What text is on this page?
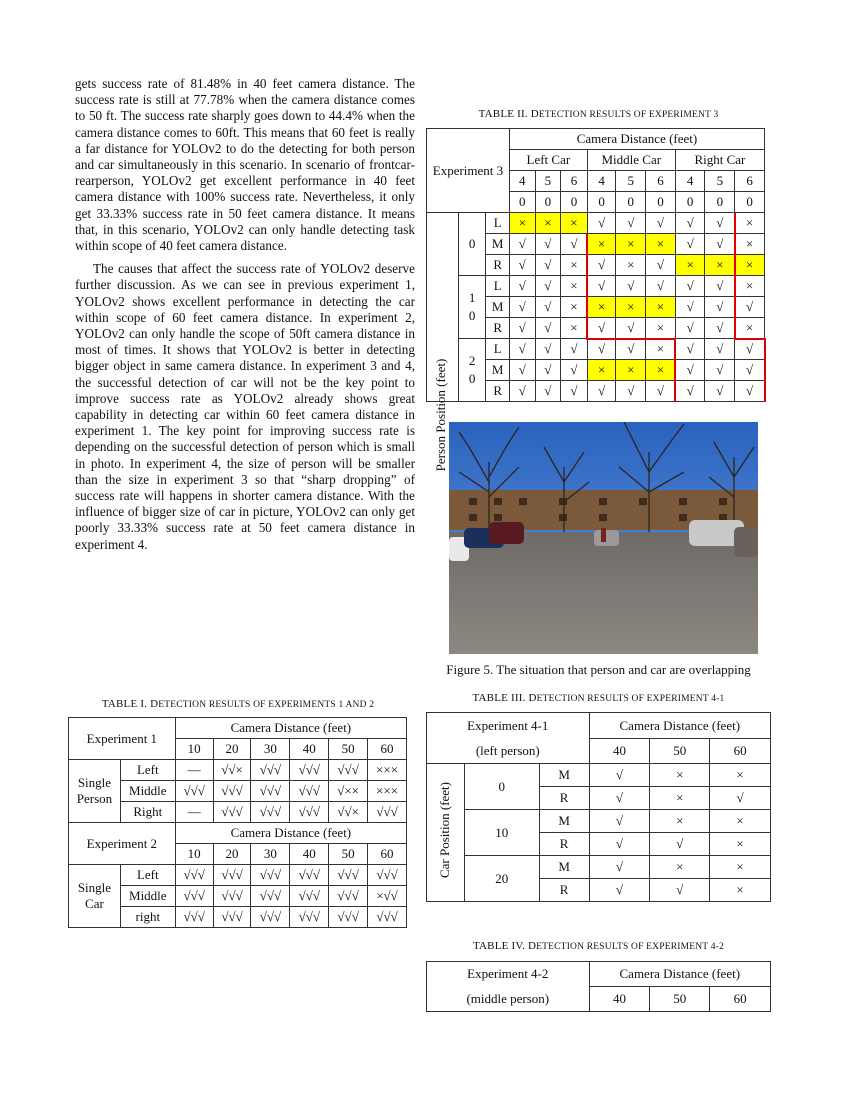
gets success rate of 81.48% in 40 feet camera distance. The success rate is still at 77.78% when the camera distance comes to 50 ft. The success rate sharply goes down to 44.4% when the camera distance comes to 60ft. This means that 60 feet is really a far distance for YOLOv2 to do the detecting for both person and car simultaneously in this scenario. In scenario of frontcar-rearperson, YOLOv2 get excellent performance in 40 feet camera distance with 100% success rate. Nevertheless, it only get 33.33% success rate in 50 feet camera distance. It means that, in this scenario, YOLOv2 can only handle detecting task within scope of 40 feet camera distance.

The causes that affect the success rate of YOLOv2 deserve further discussion. As we can see in previous experiment 1, YOLOv2 shows excellent performance in detecting the car within scope of 60 feet camera distance. In experiment 2, YOLOv2 can only handle the scope of 50ft camera distance in most of times. It shows that YOLOv2 is better in detecting bigger object in same camera distance. In experiment 3 and 4, the successful detection of car will not be the key point to improve success rate as YOLOv2 already shows great capability in detecting car within 60 feet camera distance in experiment 1. The key point for improving success rate is depending on the successful detection of person which is small in photo. In experiment 4, the size of person will be smaller than the size in experiment 3 so that “sharp dropping” of success rate will happens in shorter camera distance. With the influence of bigger size of car in picture, YOLOv2 can only get poorly 33.33% success rate at 50 feet camera distance in experiment 4.

TABLE II. DETECTION RESULTS OF EXPERIMENT 3
Experiment 3			Camera Distance (feet)								
			Left Car			Middle Car			Right Car		
			4	5	6	4	5	6	4	5	6
			0	0	0	0	0	0	0	0	0

	0	L	×	×	×	√	√	√	√	√	×
		M	√	√	√	×	×	×	√	√	×
		R	√	√	×	√	×	√	×	×	×

	1
0	L	√	√	×	√	√	√	√	√	×
		M	√	√	×	×	×	×	√	√	√
		R	√	√	×	√	√	×	√	√	×

	2
0	L	√	√	√	√	√	×	√	√	√
		M	√	√	√	×	×	×	√	√	√
		R	√	√	√	√	√	√	√	√	√
Person Position (feet)
Figure 5. The situation that person and car are overlapping
TABLE I. DETECTION RESULTS OF EXPERIMENTS 1 AND 2
Experiment 1		Camera Distance (feet)					
		10	20	30	40	50	60

Single
Person	Left	—	√√×	√√√	√√√	√√√	×××
	Middle	√√√	√√√	√√√	√√√	√××	×××
	Right	—	√√√	√√√	√√√	√√×	√√√
Experiment 2		Camera Distance (feet)					
		10	20	30	40	50	60

Single
Car	Left	√√√	√√√	√√√	√√√	√√√	√√√
	Middle	√√√	√√√	√√√	√√√	√√√	×√√
	right	√√√	√√√	√√√	√√√	√√√	√√√
TABLE III. DETECTION RESULTS OF EXPERIMENT 4-1
Experiment 4-1			Camera Distance (feet)		
(left person)			40	50	60
	0	M	√	×	×
		R	√	×	√
	10	M	√	×	×
		R	√	√	×
	20	M	√	×	×
		R	√	√	×
Car Position (feet)
TABLE IV. DETECTION RESULTS OF EXPERIMENT 4-2
Experiment 4-2	Camera Distance (feet)		
(middle person)	40	50	60
